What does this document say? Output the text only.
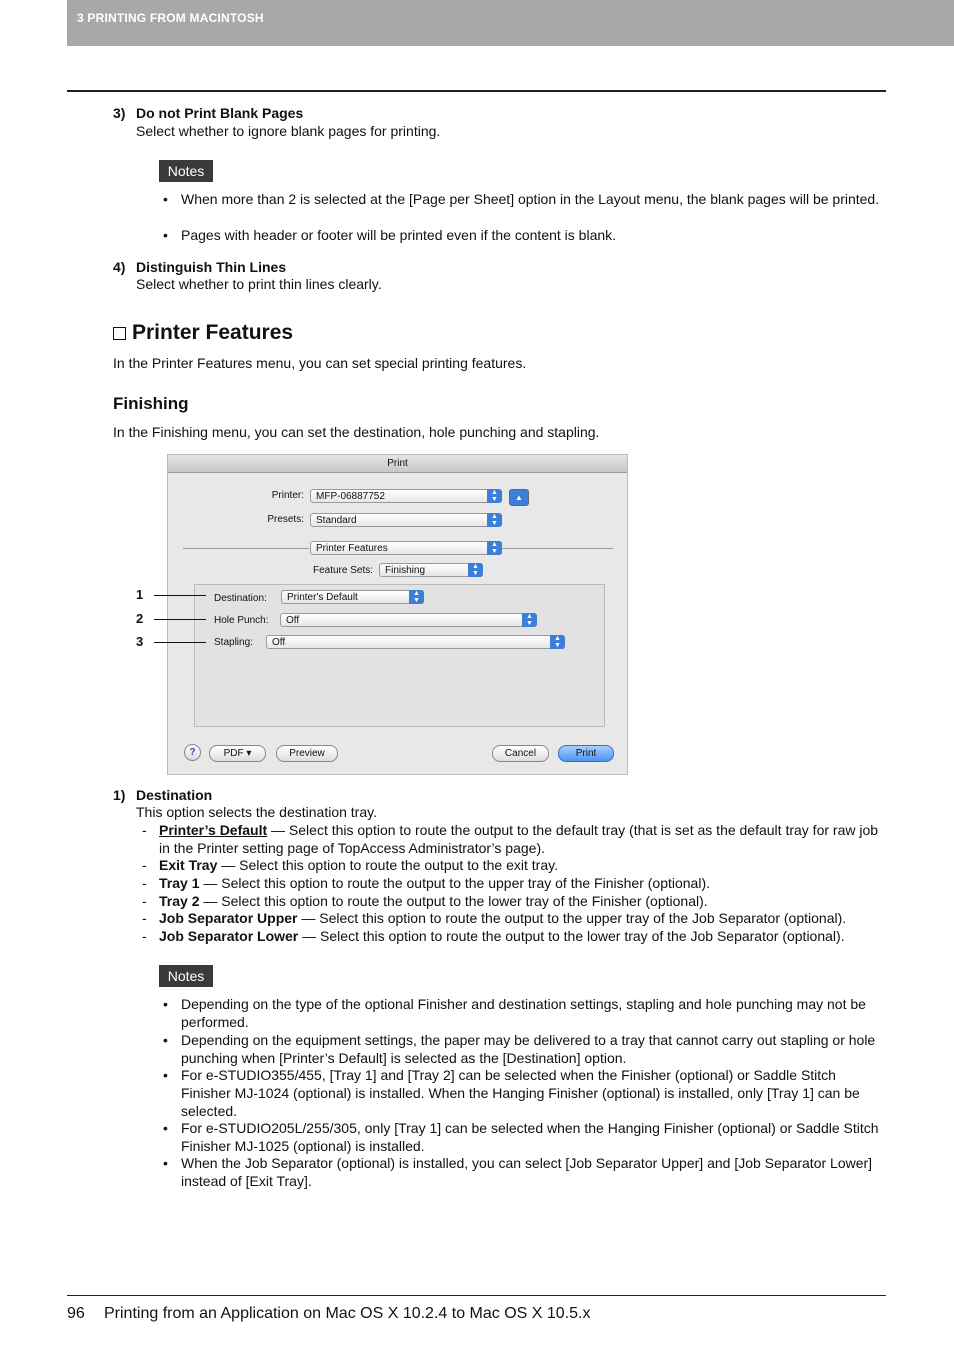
3 PRINTING FROM MACINTOSH
3) Do not Print Blank Pages
Select whether to ignore blank pages for printing.
Notes
• When more than 2 is selected at the [Page per Sheet] option in the Layout menu, the blank pages will be printed.
• Pages with header or footer will be printed even if the content is blank.
4) Distinguish Thin Lines
Select whether to print thin lines clearly.
Printer Features
In the Printer Features menu, you can set special printing features.
Finishing
In the Finishing menu, you can set the destination, hole punching and stapling.
Print
Printer:	MFP-06887752	▲
▼	▲
Presets:	Standard	▲
▼
Printer Features	▲
▼
Feature Sets:	Finishing	▲
▼
Destination:	Printer's Default	▲
▼
Hole Punch:	Off	▲
▼
Stapling:	Off	▲
▼
?	PDF ▾	Preview	Cancel	Print
1
2
3
1) Destination
This option selects the destination tray.
- Printer’s Default — Select this option to route the output to the default tray (that is set as the default tray for raw job in the Printer setting page of TopAccess Administrator’s page).
- Exit Tray — Select this option to route the output to the exit tray.
- Tray 1 — Select this option to route the output to the upper tray of the Finisher (optional).
- Tray 2 — Select this option to route the output to the lower tray of the Finisher (optional).
- Job Separator Upper — Select this option to route the output to the upper tray of the Job Separator (optional).
- Job Separator Lower — Select this option to route the output to the lower tray of the Job Separator (optional).
Notes
• Depending on the type of the optional Finisher and destination settings, stapling and hole punching may not be performed.
• Depending on the equipment settings, the paper may be delivered to a tray that cannot carry out stapling or hole punching when [Printer’s Default] is selected as the [Destination] option.
• For e-STUDIO355/455, [Tray 1] and [Tray 2] can be selected when the Finisher (optional) or Saddle Stitch Finisher MJ-1024 (optional) is installed. When the Hanging Finisher (optional) is installed, only [Tray 1] can be selected.
• For e-STUDIO205L/255/305, only [Tray 1] can be selected when the Hanging Finisher (optional) or Saddle Stitch Finisher MJ-1025 (optional) is installed.
• When the Job Separator (optional) is installed, you can select [Job Separator Upper] and [Job Separator Lower] instead of [Exit Tray].
96 Printing from an Application on Mac OS X 10.2.4 to Mac OS X 10.5.x
